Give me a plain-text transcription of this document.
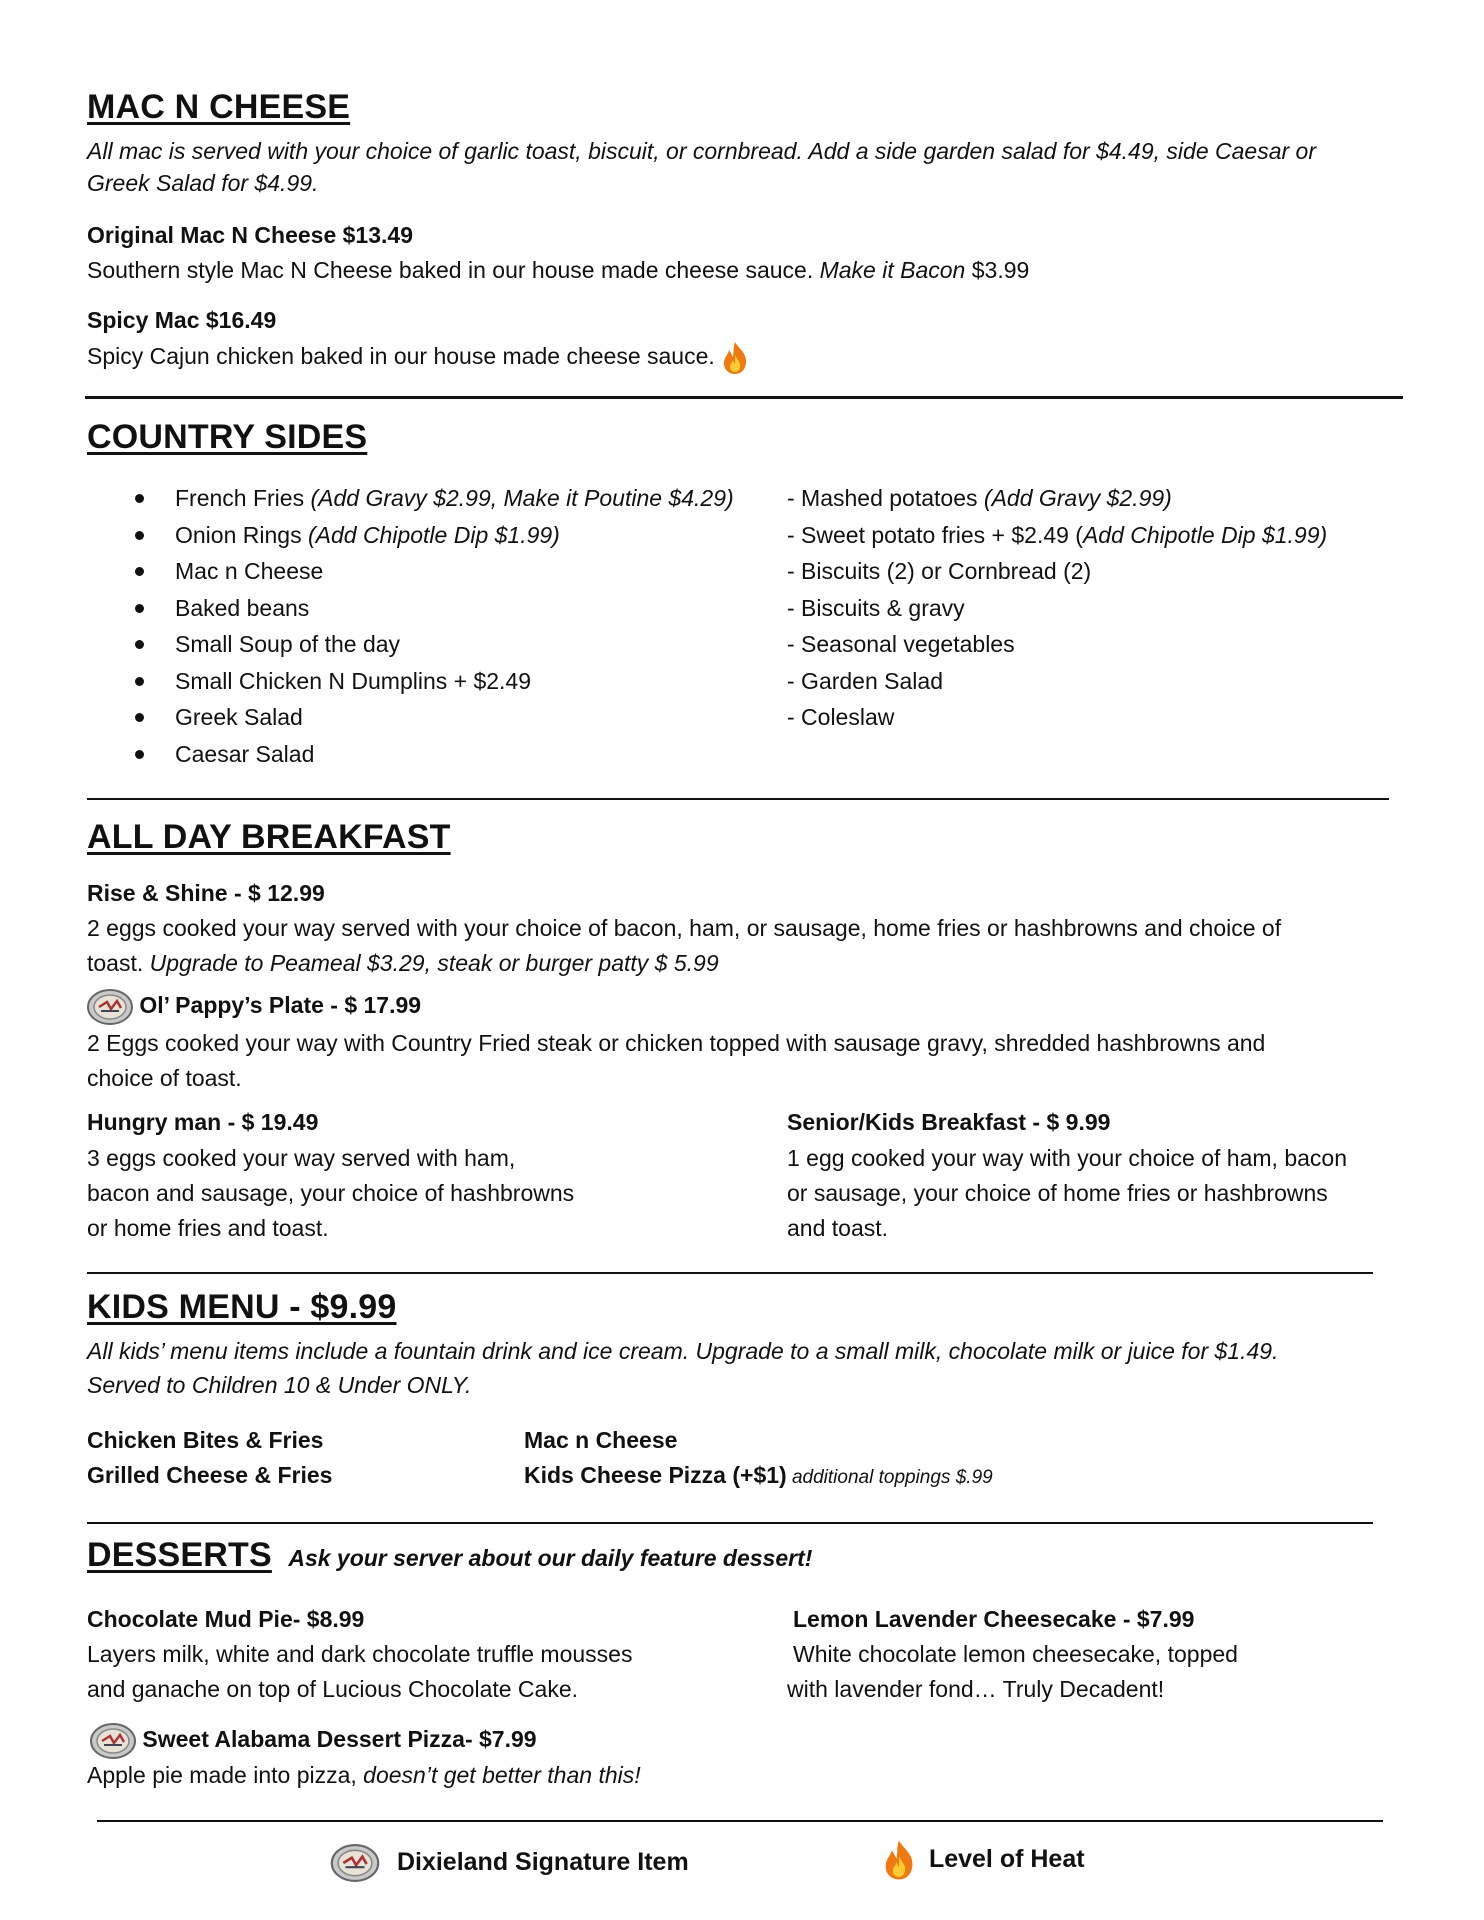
MAC N CHEESE
All mac is served with your choice of garlic toast, biscuit, or cornbread. Add a side garden salad for $4.49, side Caesar or
Greek Salad for $4.99.
Original Mac N Cheese $13.49
Southern style Mac N Cheese baked in our house made cheese sauce. Make it Bacon $3.99
Spicy Mac $16.49
Spicy Cajun chicken baked in our house made cheese sauce.
COUNTRY SIDES
French Fries (Add Gravy $2.99, Make it Poutine $4.29)
Onion Rings (Add Chipotle Dip $1.99)
Mac n Cheese
Baked beans
Small Soup of the day
Small Chicken N Dumplins + $2.49
Greek Salad
Caesar Salad
- Mashed potatoes (Add Gravy $2.99)
- Sweet potato fries + $2.49 (Add Chipotle Dip $1.99)
- Biscuits (2) or Cornbread (2)
- Biscuits & gravy
- Seasonal vegetables
- Garden Salad
- Coleslaw
ALL DAY BREAKFAST
Rise & Shine - $ 12.99
2 eggs cooked your way served with your choice of bacon, ham, or sausage, home fries or hashbrowns and choice of
toast. Upgrade to Peameal $3.29, steak or burger patty $ 5.99
Ol’ Pappy’s Plate - $ 17.99
2 Eggs cooked your way with Country Fried steak or chicken topped with sausage gravy, shredded hashbrowns and
choice of toast.
Hungry man - $ 19.49
3 eggs cooked your way served with ham,
bacon and sausage, your choice of hashbrowns
or home fries and toast.
Senior/Kids Breakfast - $ 9.99
1 egg cooked your way with your choice of ham, bacon
or sausage, your choice of home fries or hashbrowns
and toast.
KIDS MENU - $9.99
All kids’ menu items include a fountain drink and ice cream. Upgrade to a small milk, chocolate milk or juice for $1.49.
Served to Children 10 & Under ONLY.
Chicken Bites & Fries
Grilled Cheese & Fries
Mac n Cheese
Kids Cheese Pizza (+$1) additional toppings $.99
DESSERTS Ask your server about our daily feature dessert!
Chocolate Mud Pie- $8.99
Layers milk, white and dark chocolate truffle mousses
and ganache on top of Lucious Chocolate Cake.
Lemon Lavender Cheesecake - $7.99
White chocolate lemon cheesecake, topped
with lavender fond… Truly Decadent!
Sweet Alabama Dessert Pizza- $7.99
Apple pie made into pizza, doesn’t get better than this!
Dixieland Signature Item	Level of Heat
